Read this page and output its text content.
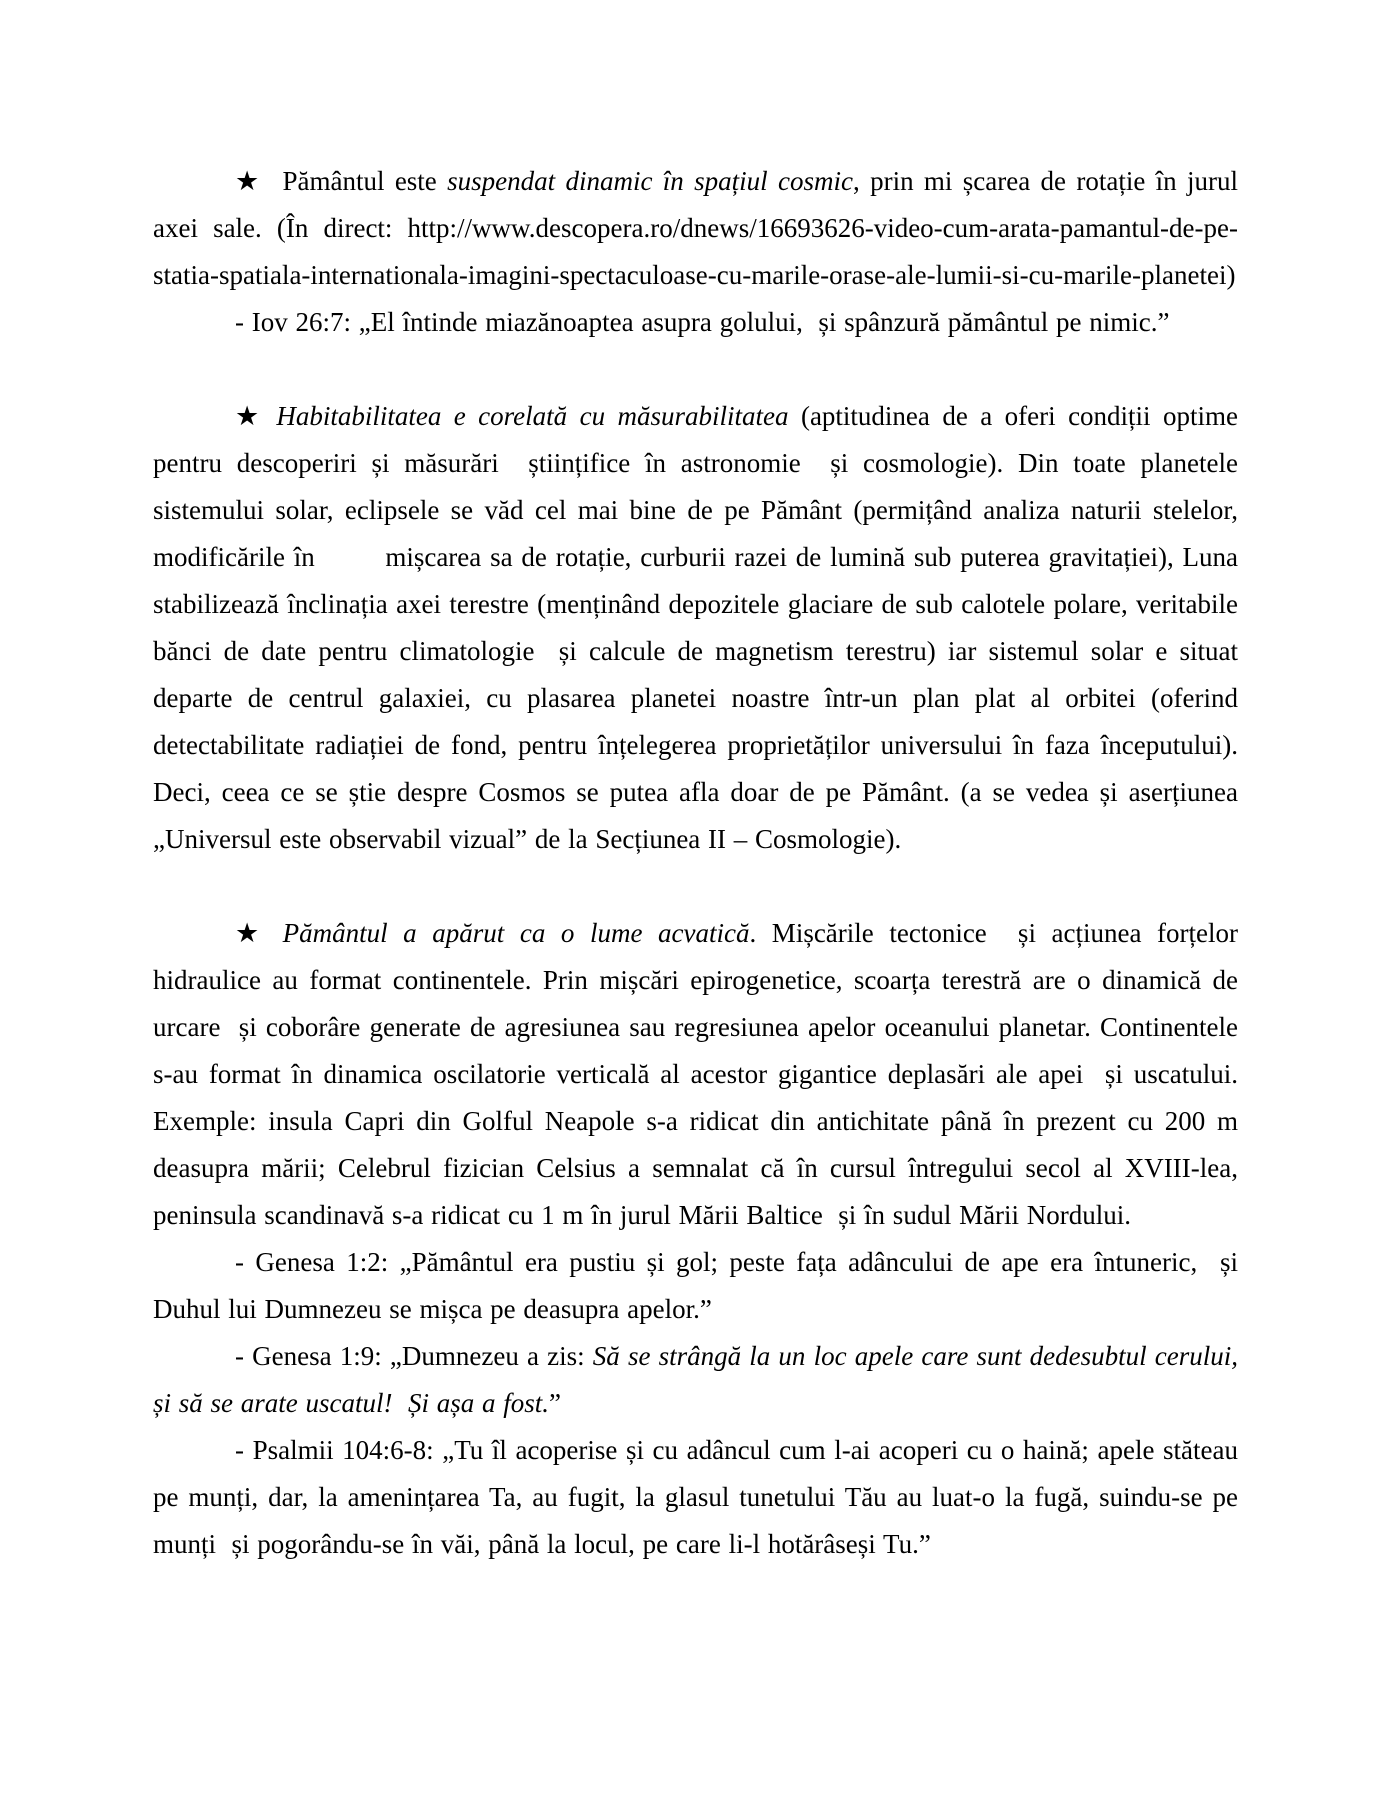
★  Pământul este suspendat dinamic în spațiul cosmic, prin mi șcarea de rotație în jurul axei sale. (În direct: http://www.descopera.ro/dnews/16693626-video-cum-arata-pamantul-de-pe-statia-spatiala-internationala-imagini-spectaculoase-cu-marile-orase-ale-lumii-si-cu-marile-planetei)

- Iov 26:7: „El întinde miazănoaptea asupra golului,  și spânzură pământul pe nimic.”

★ Habitabilitatea e corelată cu măsurabilitatea (aptitudinea de a oferi condiții optime pentru descoperiri și măsurări  științifice în astronomie  și cosmologie). Din toate planetele sistemului solar, eclipsele se văd cel mai bine de pe Pământ (permițând analiza naturii stelelor, modificările în        mișcarea sa de rotație, curburii razei de lumină sub puterea gravitației), Luna stabilizează înclinația axei terestre (menținând depozitele glaciare de sub calotele polare, veritabile bănci de date pentru climatologie  și calcule de magnetism terestru) iar sistemul solar e situat departe de centrul galaxiei, cu plasarea planetei noastre într-un plan plat al orbitei (oferind detectabilitate radiației de fond, pentru înțelegerea proprietăților universului în faza începutului). Deci, ceea ce se știe despre Cosmos se putea afla doar de pe Pământ. (a se vedea și aserțiunea „Universul este observabil vizual” de la Secțiunea II – Cosmologie).

★ Pământul a apărut ca o lume acvatică. Mișcările tectonice  și acțiunea forțelor hidraulice au format continentele. Prin mișcări epirogenetice, scoarța terestră are o dinamică de urcare  și coborâre generate de agresiunea sau regresiunea apelor oceanului planetar. Continentele s-au format în dinamica oscilatorie verticală al acestor gigantice deplasări ale apei  și uscatului. Exemple: insula Capri din Golful Neapole s-a ridicat din antichitate până în prezent cu 200 m deasupra mării; Celebrul fizician Celsius a semnalat că în cursul întregului secol al XVIII-lea, peninsula scandinavă s-a ridicat cu 1 m în jurul Mării Baltice  și în sudul Mării Nordului.

- Genesa 1:2: „Pământul era pustiu și gol; peste fața adâncului de ape era întuneric,  și Duhul lui Dumnezeu se mișca pe deasupra apelor.”

- Genesa 1:9: „Dumnezeu a zis: Să se strângă la un loc apele care sunt dedesubtul cerului, și să se arate uscatul!  Și așa a fost.”

- Psalmii 104:6-8: „Tu îl acoperise și cu adâncul cum l-ai acoperi cu o haină; apele stăteau pe munți, dar, la amenințarea Ta, au fugit, la glasul tunetului Tău au luat-o la fugă, suindu-se pe munți  și pogorându-se în văi, până la locul, pe care li-l hotărâseși Tu.”
